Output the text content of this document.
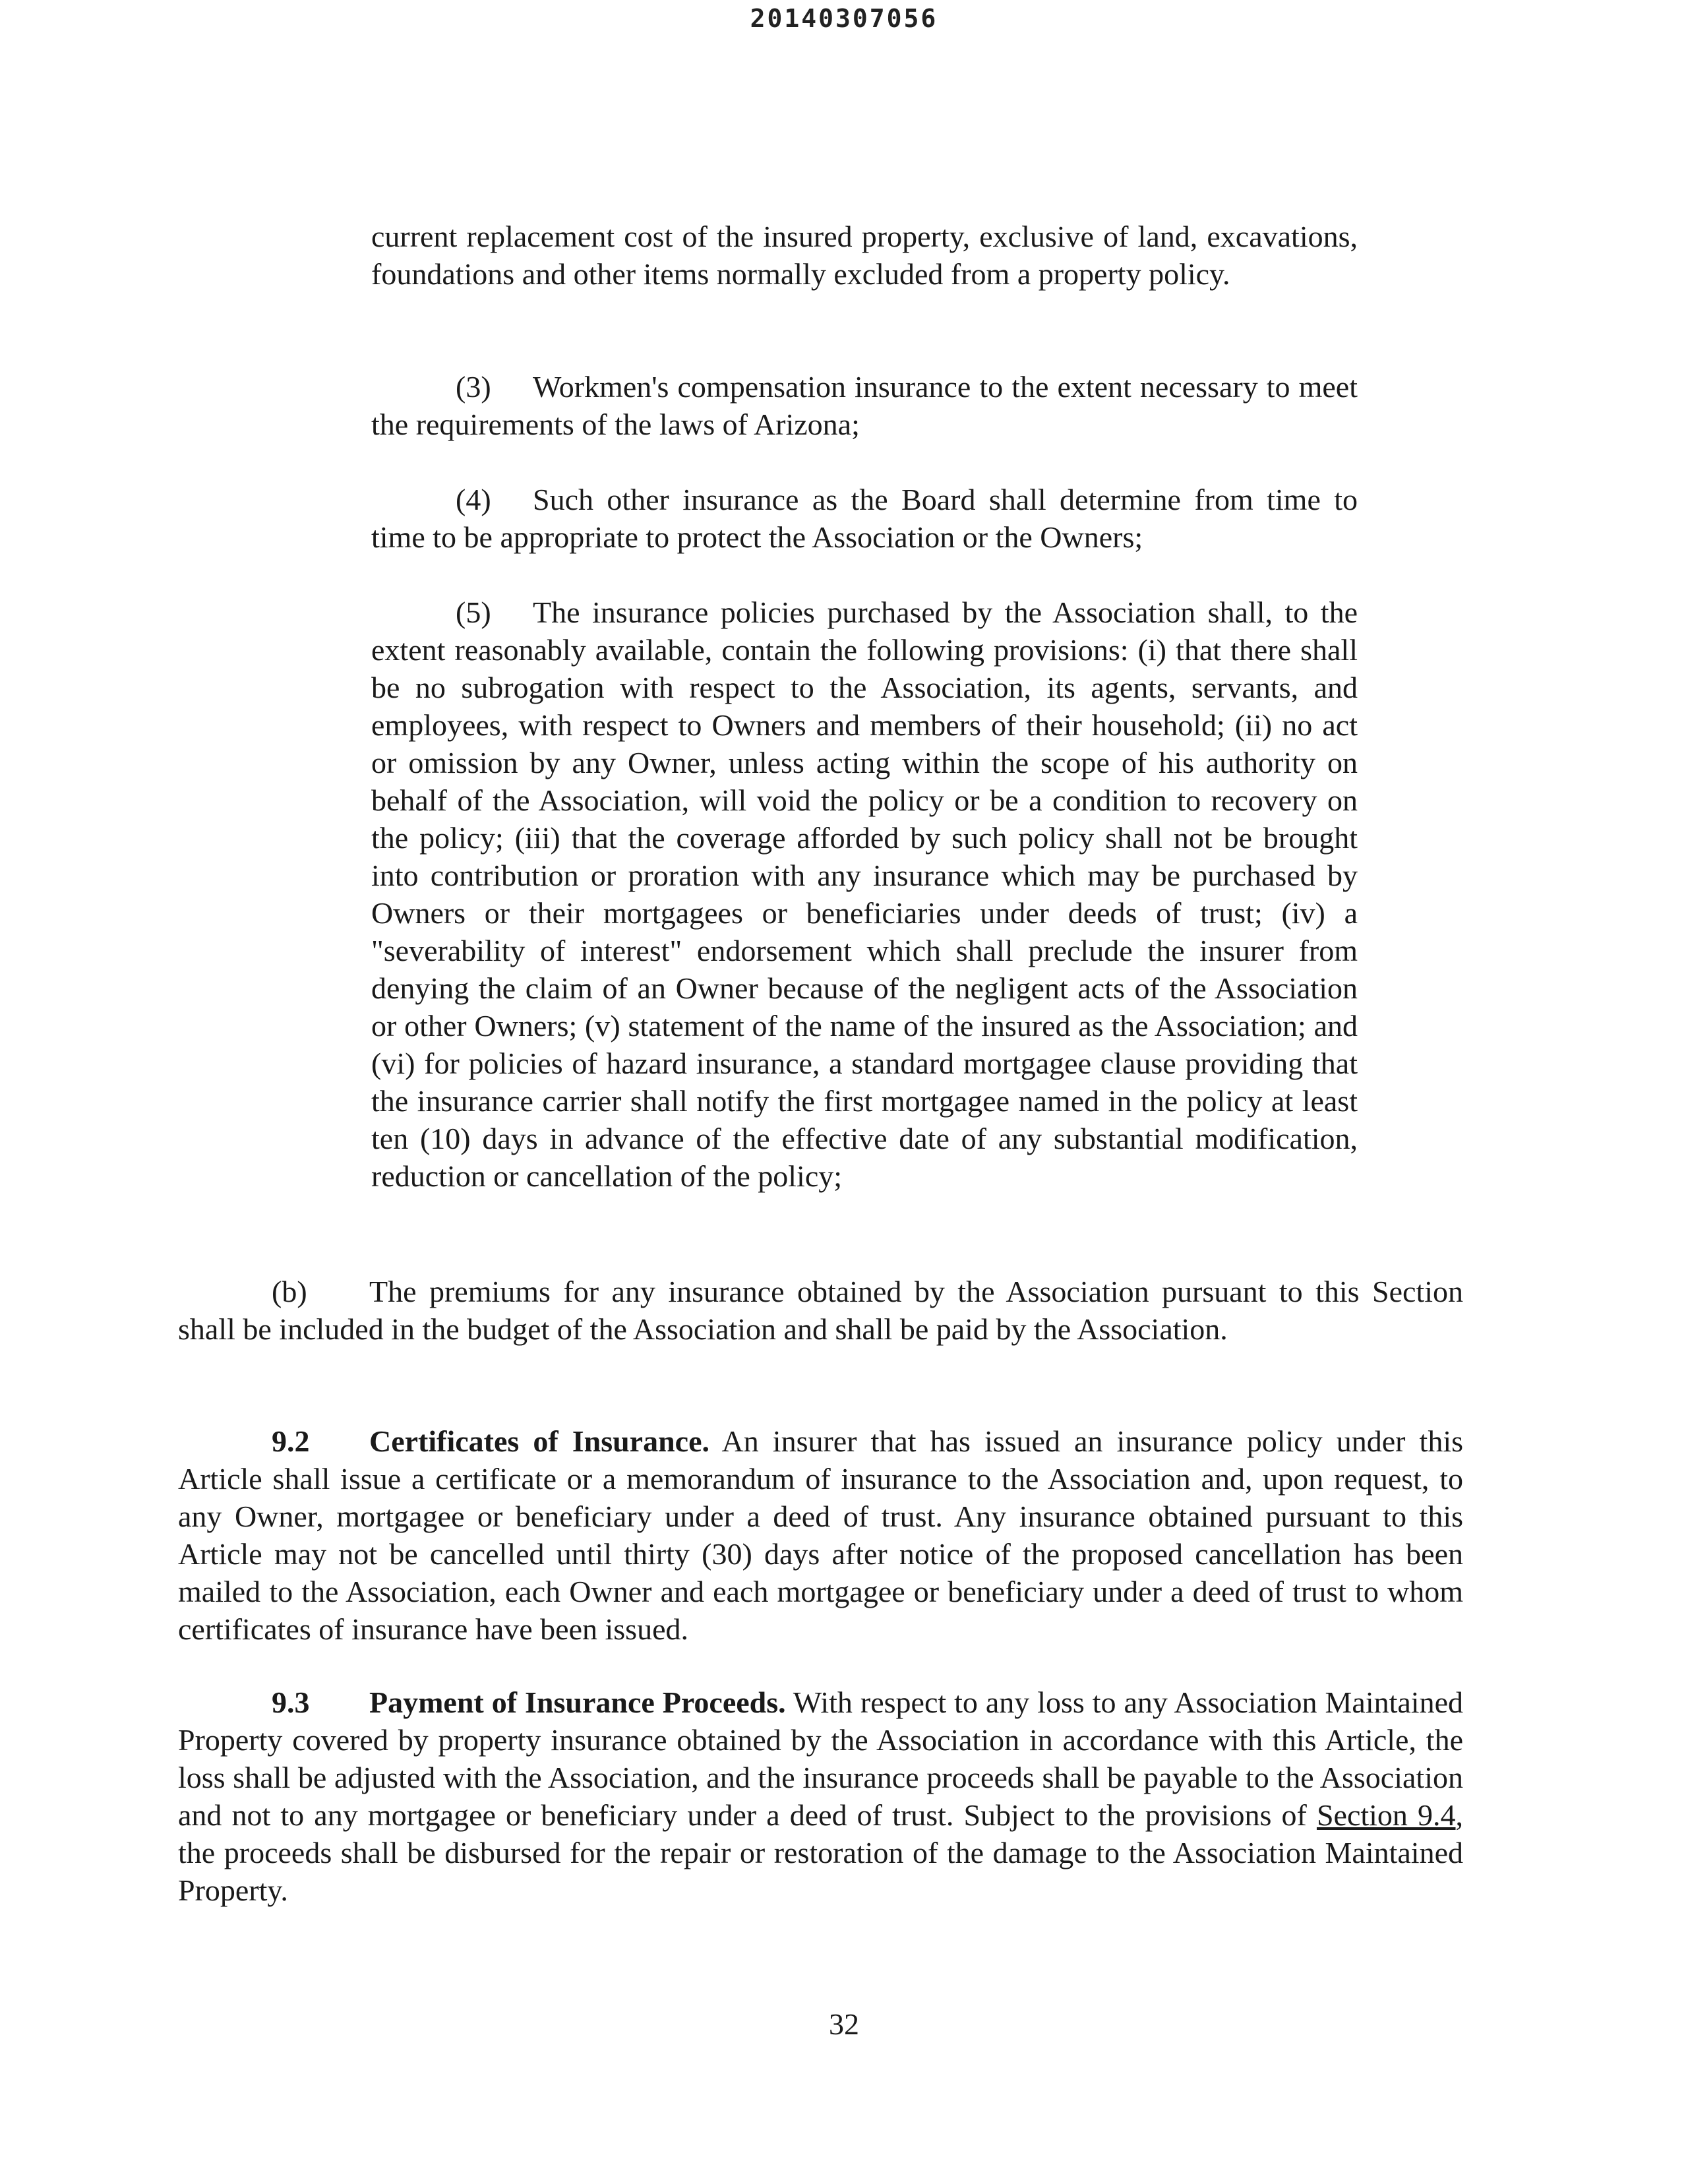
20140307056

current replacement cost of the insured property, exclusive of land, excavations, foundations and other items normally excluded from a property policy.

(3) Workmen's compensation insurance to the extent necessary to meet the requirements of the laws of Arizona;

(4) Such other insurance as the Board shall determine from time to time to be appropriate to protect the Association or the Owners;

(5) The insurance policies purchased by the Association shall, to the extent reasonably available, contain the following provisions: (i) that there shall be no subrogation with respect to the Association, its agents, servants, and employees, with respect to Owners and members of their household; (ii) no act or omission by any Owner, unless acting within the scope of his authority on behalf of the Association, will void the policy or be a condition to recovery on the policy; (iii) that the coverage afforded by such policy shall not be brought into contribution or proration with any insurance which may be purchased by Owners or their mortgagees or beneficiaries under deeds of trust; (iv) a "severability of interest" endorsement which shall preclude the insurer from denying the claim of an Owner because of the negligent acts of the Association or other Owners; (v) statement of the name of the insured as the Association; and (vi) for policies of hazard insurance, a standard mortgagee clause providing that the insurance carrier shall notify the first mortgagee named in the policy at least ten (10) days in advance of the effective date of any substantial modification, reduction or cancellation of the policy;

(b) The premiums for any insurance obtained by the Association pursuant to this Section shall be included in the budget of the Association and shall be paid by the Association.

9.2 Certificates of Insurance. An insurer that has issued an insurance policy under this Article shall issue a certificate or a memorandum of insurance to the Association and, upon request, to any Owner, mortgagee or beneficiary under a deed of trust. Any insurance obtained pursuant to this Article may not be cancelled until thirty (30) days after notice of the proposed cancellation has been mailed to the Association, each Owner and each mortgagee or beneficiary under a deed of trust to whom certificates of insurance have been issued.

9.3 Payment of Insurance Proceeds. With respect to any loss to any Association Maintained Property covered by property insurance obtained by the Association in accordance with this Article, the loss shall be adjusted with the Association, and the insurance proceeds shall be payable to the Association and not to any mortgagee or beneficiary under a deed of trust. Subject to the provisions of Section 9.4, the proceeds shall be disbursed for the repair or restoration of the damage to the Association Maintained Property.

32
